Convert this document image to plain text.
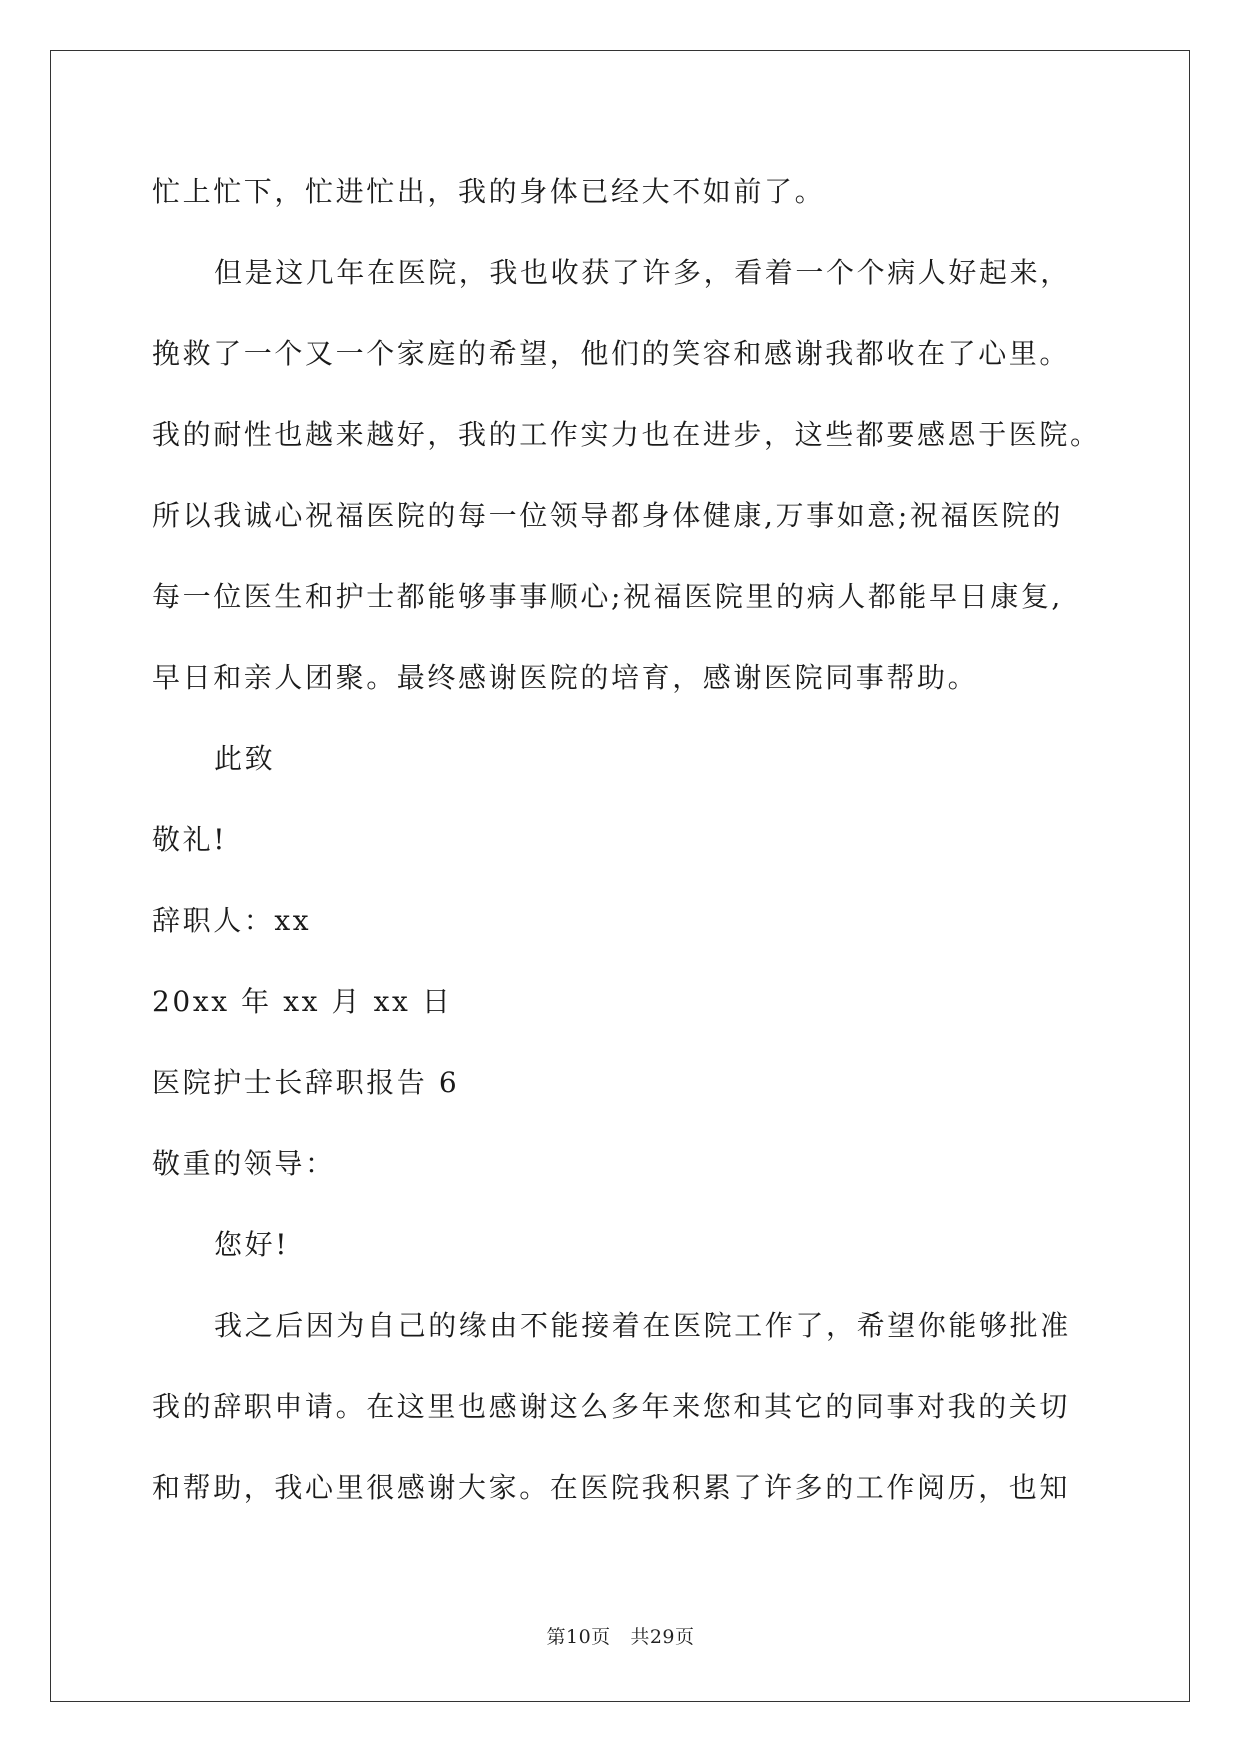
忙上忙下，忙进忙出，我的身体已经大不如前了。
但是这几年在医院，我也收获了许多，看着一个个病人好起来，
挽救了一个又一个家庭的希望，他们的笑容和感谢我都收在了心里。
我的耐性也越来越好，我的工作实力也在进步，这些都要感恩于医院。
所以我诚心祝福医院的每一位领导都身体健康,万事如意;祝福医院的
每一位医生和护士都能够事事顺心;祝福医院里的病人都能早日康复,
早日和亲人团聚。最终感谢医院的培育，感谢医院同事帮助。
此致
敬礼!
辞职人：xx
20xx 年 xx 月 xx 日
医院护士长辞职报告 6
敬重的领导：
您好!
我之后因为自己的缘由不能接着在医院工作了，希望你能够批准
我的辞职申请。在这里也感谢这么多年来您和其它的同事对我的关切
和帮助，我心里很感谢大家。在医院我积累了许多的工作阅历，也知
第10页 共29页
